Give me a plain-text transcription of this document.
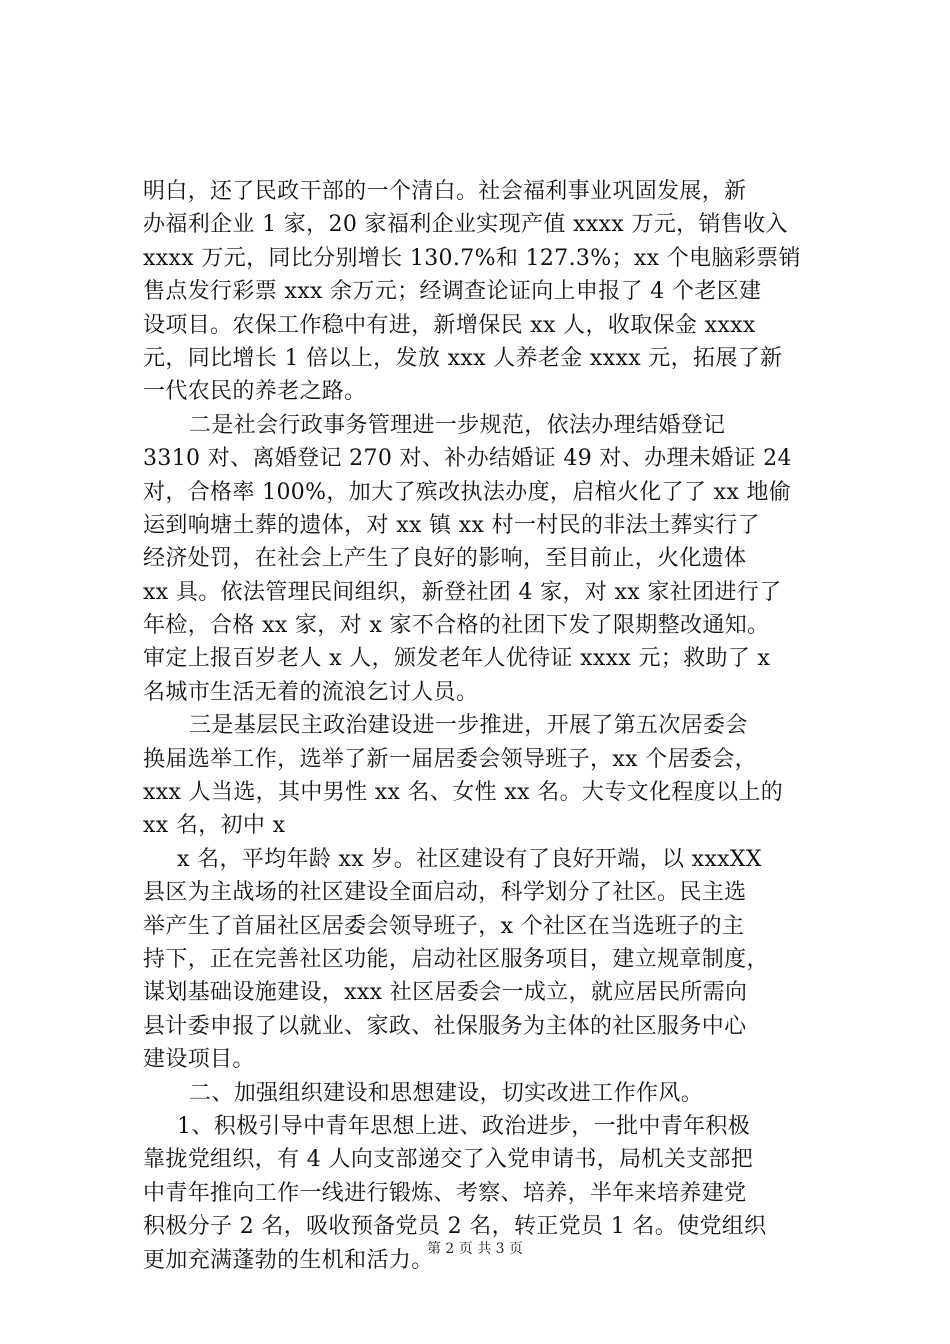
明白，还了民政干部的一个清白。社会福利事业巩固发展，新
办福利企业 1 家，20 家福利企业实现产值 xxxx 万元，销售收入
xxxx 万元，同比分别增长 130.7%和 127.3%；xx 个电脑彩票销
售点发行彩票 xxx 余万元；经调查论证向上申报了 4 个老区建
设项目。农保工作稳中有进，新增保民 xx 人，收取保金 xxxx
元，同比增长 1 倍以上，发放 xxx 人养老金 xxxx 元，拓展了新
一代农民的养老之路。
二是社会行政事务管理进一步规范，依法办理结婚登记
3310 对、离婚登记 270 对、补办结婚证 49 对、办理未婚证 24
对，合格率 100%，加大了殡改执法办度，启棺火化了了 xx 地偷
运到响塘土葬的遗体，对 xx 镇 xx 村一村民的非法土葬实行了
经济处罚，在社会上产生了良好的影响，至目前止，火化遗体
xx 具。依法管理民间组织，新登社团 4 家，对 xx 家社团进行了
年检，合格 xx 家，对 x 家不合格的社团下发了限期整改通知。
审定上报百岁老人 x 人，颁发老年人优待证 xxxx 元；救助了 x
名城市生活无着的流浪乞讨人员。
三是基层民主政治建设进一步推进，开展了第五次居委会
换届选举工作，选举了新一届居委会领导班子，xx 个居委会，
xxx 人当选，其中男性 xx 名、女性 xx 名。大专文化程度以上的
xx 名，初中 x
x 名，平均年龄 xx 岁。社区建设有了良好开端，以 xxxXX
县区为主战场的社区建设全面启动，科学划分了社区。民主选
举产生了首届社区居委会领导班子，x 个社区在当选班子的主
持下，正在完善社区功能，启动社区服务项目，建立规章制度，
谋划基础设施建设，xxx 社区居委会一成立，就应居民所需向
县计委申报了以就业、家政、社保服务为主体的社区服务中心
建设项目。
二、加强组织建设和思想建设，切实改进工作作风。
1、积极引导中青年思想上进、政治进步，一批中青年积极
靠拢党组织，有 4 人向支部递交了入党申请书，局机关支部把
中青年推向工作一线进行锻炼、考察、培养，半年来培养建党
积极分子 2 名，吸收预备党员 2 名，转正党员 1 名。使党组织
更加充满蓬勃的生机和活力。
第 2 页 共 3 页
